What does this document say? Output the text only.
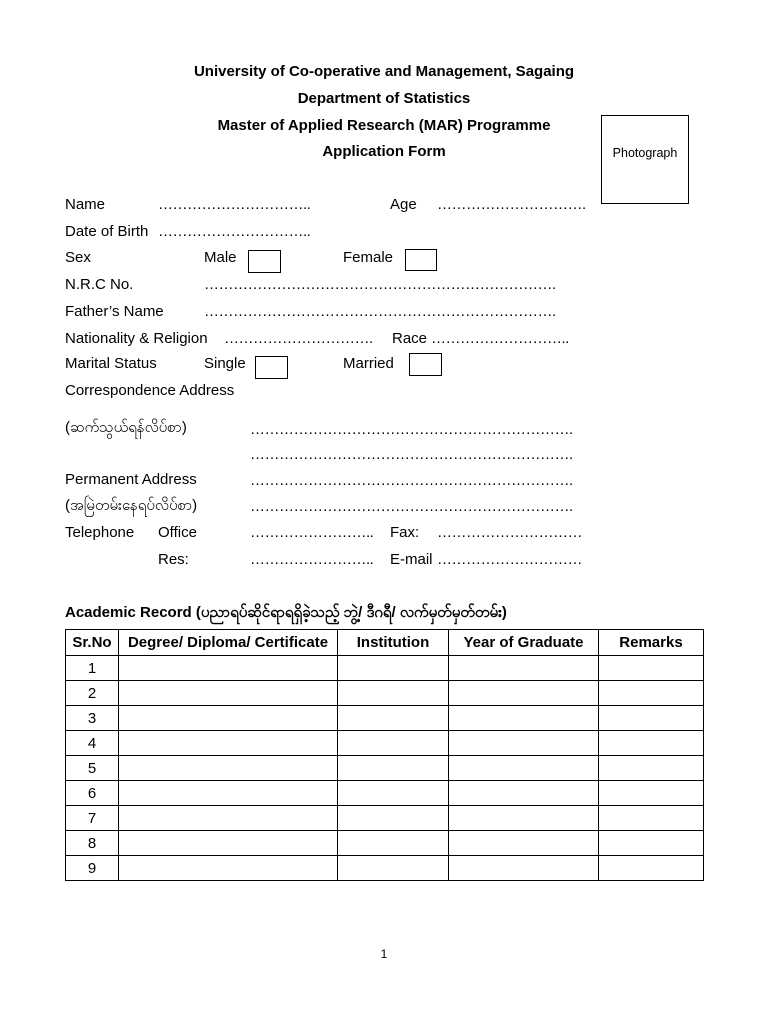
University of Co-operative and Management, Sagaing
Department of Statistics
Master of Applied Research (MAR) Programme
Application Form	Photograph
Name	…………………………..	Age ………………………….
Date of Birth …………………………..
Sex	Male	Female
N.R.C No.	……………………………………………………………….
Father’s Name	……………………………………………………………….
Nationality & Religion …………………………. Race ………………………..
Marital Status	Single	Married
Correspondence Address
(ဆက်သွယ်ရန်လိပ်စာ)	………………………………………………………….
………………………………………………………….
Permanent Address	………………………………………………………….
(အမြဲတမ်းနေရပ်လိပ်စာ)	………………………………………………………….
Telephone Office	…………………….. Fax: …………………………
Res:	…………………….. E-mail …………………………
Academic Record (ပညာရပ်ဆိုင်ရာရရှိခဲ့သည့် ဘွဲ့/ ဒီဂရီ/ လက်မှတ်မှတ်တမ်း)
Sr.No	Degree/ Diploma/ Certificate	Institution	Year of Graduate	Remarks
1				
2				
3				
4				
5				
6				
7				
8				
9				
1
